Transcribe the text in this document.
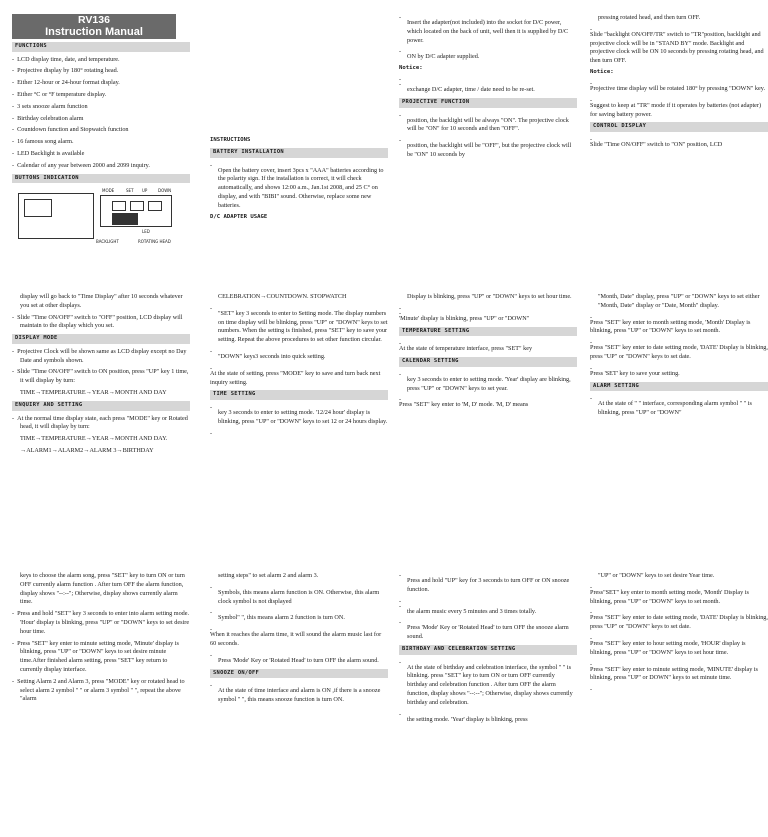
RV136
Instruction Manual
FUNCTIONS

-  LCD display time, date, and temperature.

-  Projective display by 180° rotating head.

-  Either 12-hour or 24-hour format display.

-  Either °C or °F temperature display.

-  3 sets snooze alarm function

-  Birthday celebration alarm

-  Countdown function and Stopwatch function

-  16 famous song alarm.

-  LED Backlight is available

-  Calendar of any year between 2000 and 2099 inquiry.

BUTTONS INDICATION
MODE	SET UP	DOWN
LED
BACKLIGHT	ROTATING HEAD
INSTRUCTIONS
BATTERY INSTALLATION
-

Open the battery cover, insert 3pcs x "AAA" batteries according to the polarity sign. If the installation is correct, it will check automatically, and shows 12:00 a.m., Jan.1st 2008, and 25 C° on display, and with "BIBI" sound. Otherwise, replace some new batteries.

D/C ADAPTER USAGE
-

Insert the adapter(not included) into the socket for D/C power, which located on the back of unit, well then it is supplied by D/C power.

-

ON by D/C adapter supplied.

Notice:
-
-

exchange D/C adapter, time / date need to be re-set.

PROJECTIVE FUNCTION
-

position, the backlight will be always "ON". The projective clock will be "ON" for 10 seconds and then "OFF".

-

position, the backlight will be "OFF", but the projective clock will be "ON" 10 seconds by

pressing rotated head, and then turn OFF.

-

Slide "backlight ON/OFF/TR" switch to "TR"position, backlight and projective clock will be in "STAND BY" mode. Backlight and projective clock will be ON 10 seconds by pressing rotating head, and then turn OFF.

Notice:
-

Projective time display will be rotated 180° by pressing "DOWN" key.

-

Suggest to keep at "TR" mode if it operates by batteries (not adapter) for saving battery power.

CONTROL DISPLAY
-

Slide "Time ON/OFF" switch to "ON" position, LCD

display will go back to "Time Display" after 10 seconds whatever you set at other displays.

-  Slide "Time ON/OFF" switch to "OFF" position, LCD display will maintain to the display which you set.

DISPLAY MODE

-  Projective Clock will be shown same as LCD display except no Day Date and symbols shown.

-  Slide "Time ON/OFF" switch to ON position, press "UP" key 1 time, it will display by turn:

TIME→TEMPERATURE→YEAR→MONTH AND DAY

ENQUIRY AND SETTING

-  At the normal time display state, each press "MODE" key or Rotated head, it will display by turn:

TIME→TEMPERATURE→YEAR→MONTH AND DAY.

→ALARM1→ALARM2→ALARM 3→BIRTHDAY

CELEBRATION→COUNTDOWN. STOPWATCH

-

"SET" key 3 seconds to enter to Setting mode. The display numbers on time display will be blinking, press "UP" or "DOWN" keys to set numbers. When the setting is finished, press "SET" key to save your setting. Repeat the above procedures to set other function circular.

-

"DOWN" keys3 seconds into quick setting.

-

At the state of setting, press "MODE" key to save and turn back next inquiry setting.

TIME SETTING
-

key 3 seconds to enter to setting mode. '12/24 hour' display is blinking, press "UP" or "DOWN" keys to set 12 or 24 hours display.

-

Display is blinking, press "UP" or "DOWN" keys to set hour time.

-
-

'Minute' display is blinking, press "UP" or "DOWN"

TEMPERATURE SETTING
-

At the state of temperature interface, press "SET" key

CALENDAR SETTING
-

key 3 seconds to enter to setting mode. 'Year' display are blinking, press "UP" or "DOWN" keys to set year.

-

Press "SET" key enter to 'M, D' mode. 'M, D' means

"Month, Date" display, press "UP" or "DOWN" keys to set either "Month, Date" display or "Date, Month" display.

-

Press "SET" key enter to month setting mode, 'Month' Display is blinking, press "UP" or "DOWN" keys to set month.

-

Press "SET" key enter to date setting mode, 'DATE' Display is blinking, press "UP" or "DOWN" keys to set date.

-

Press 'SET' key to save your setting.

ALARM SETTING
-

At the state of " " interface, corresponding alarm symbol " " is blinking, press "UP" or "DOWN"

keys to choose the alarm song, press "SET" key to turn ON or turn OFF currently alarm function . After turn OFF the alarm function, display shows "--:--"; Otherwise, display shows currently alarm time.

-  Press and hold "SET" key 3 seconds to enter into alarm setting mode. 'Hour' display is blinking, press "UP" or "DOWN" keys to set desire hour time.

-  Press "SET" key enter to minute setting mode, 'Minute' display is blinking, press "UP" or "DOWN" keys to set desire minute time.After finished alarm setting, press "SET" key return to currently display interface.

-  Setting Alarm 2 and Alarm 3, press "MODE" key or rotated head to select alarm 2 symbol " " or alarm 3 symbol " ", repeat the above "alarm

setting steps" to set alarm 2 and alarm 3.

-

Symbols, this means alarm function is ON. Otherwise, this alarm clock symbol is not displayed

-

Symbol" ", this means alarm 2 function is turn ON.

-

When it reaches the alarm time, it will sound the alarm music last for 60 seconds.

-

Press 'Mode' Key or 'Rotated Head' to turn OFF the alarm sound.

SNOOZE ON/OFF
-

At the state of time interface and alarm is ON ,if there is a snooze symbol " ", this means snooze function is turn ON.

-

Press and hold "UP" key for 3 seconds to turn OFF or ON snooze function.

-
-

the alarm music every 5 minutes and 3 times totally.

-

Press 'Mode' Key or 'Rotated Head' to turn OFF the snooze alarm sound.

BIRTHDAY AND CELEBRATION SETTING
-

At the state of birthday and celebration interface, the symbol " " is blinking. press "SET" key to turn ON or turn OFF currently birthday and celebration function . After turn OFF the alarm function, display shows "--:--"; Otherwise, display shows currently birthday and celebration.

-

the setting mode. 'Year' display is blinking, press

"UP" or "DOWN" keys to set desire Year time.

-

Press"SET" key enter to month setting mode, 'Month' Display is blinking, press "UP" or "DOWN" keys to set month.

-

Press "SET" key enter to date setting mode, 'DATE' Display is blinking, press "UP" or "DOWN" keys to set date.

-

Press "SET" key enter to hour setting mode, 'HOUR' display is blinking, press "UP" or "DOWN" keys to set hour time.

-

Press "SET" key enter to minute setting mode, 'MINUTE' display is blinking, press "UP" or DOWN" keys to set minute time.

-
